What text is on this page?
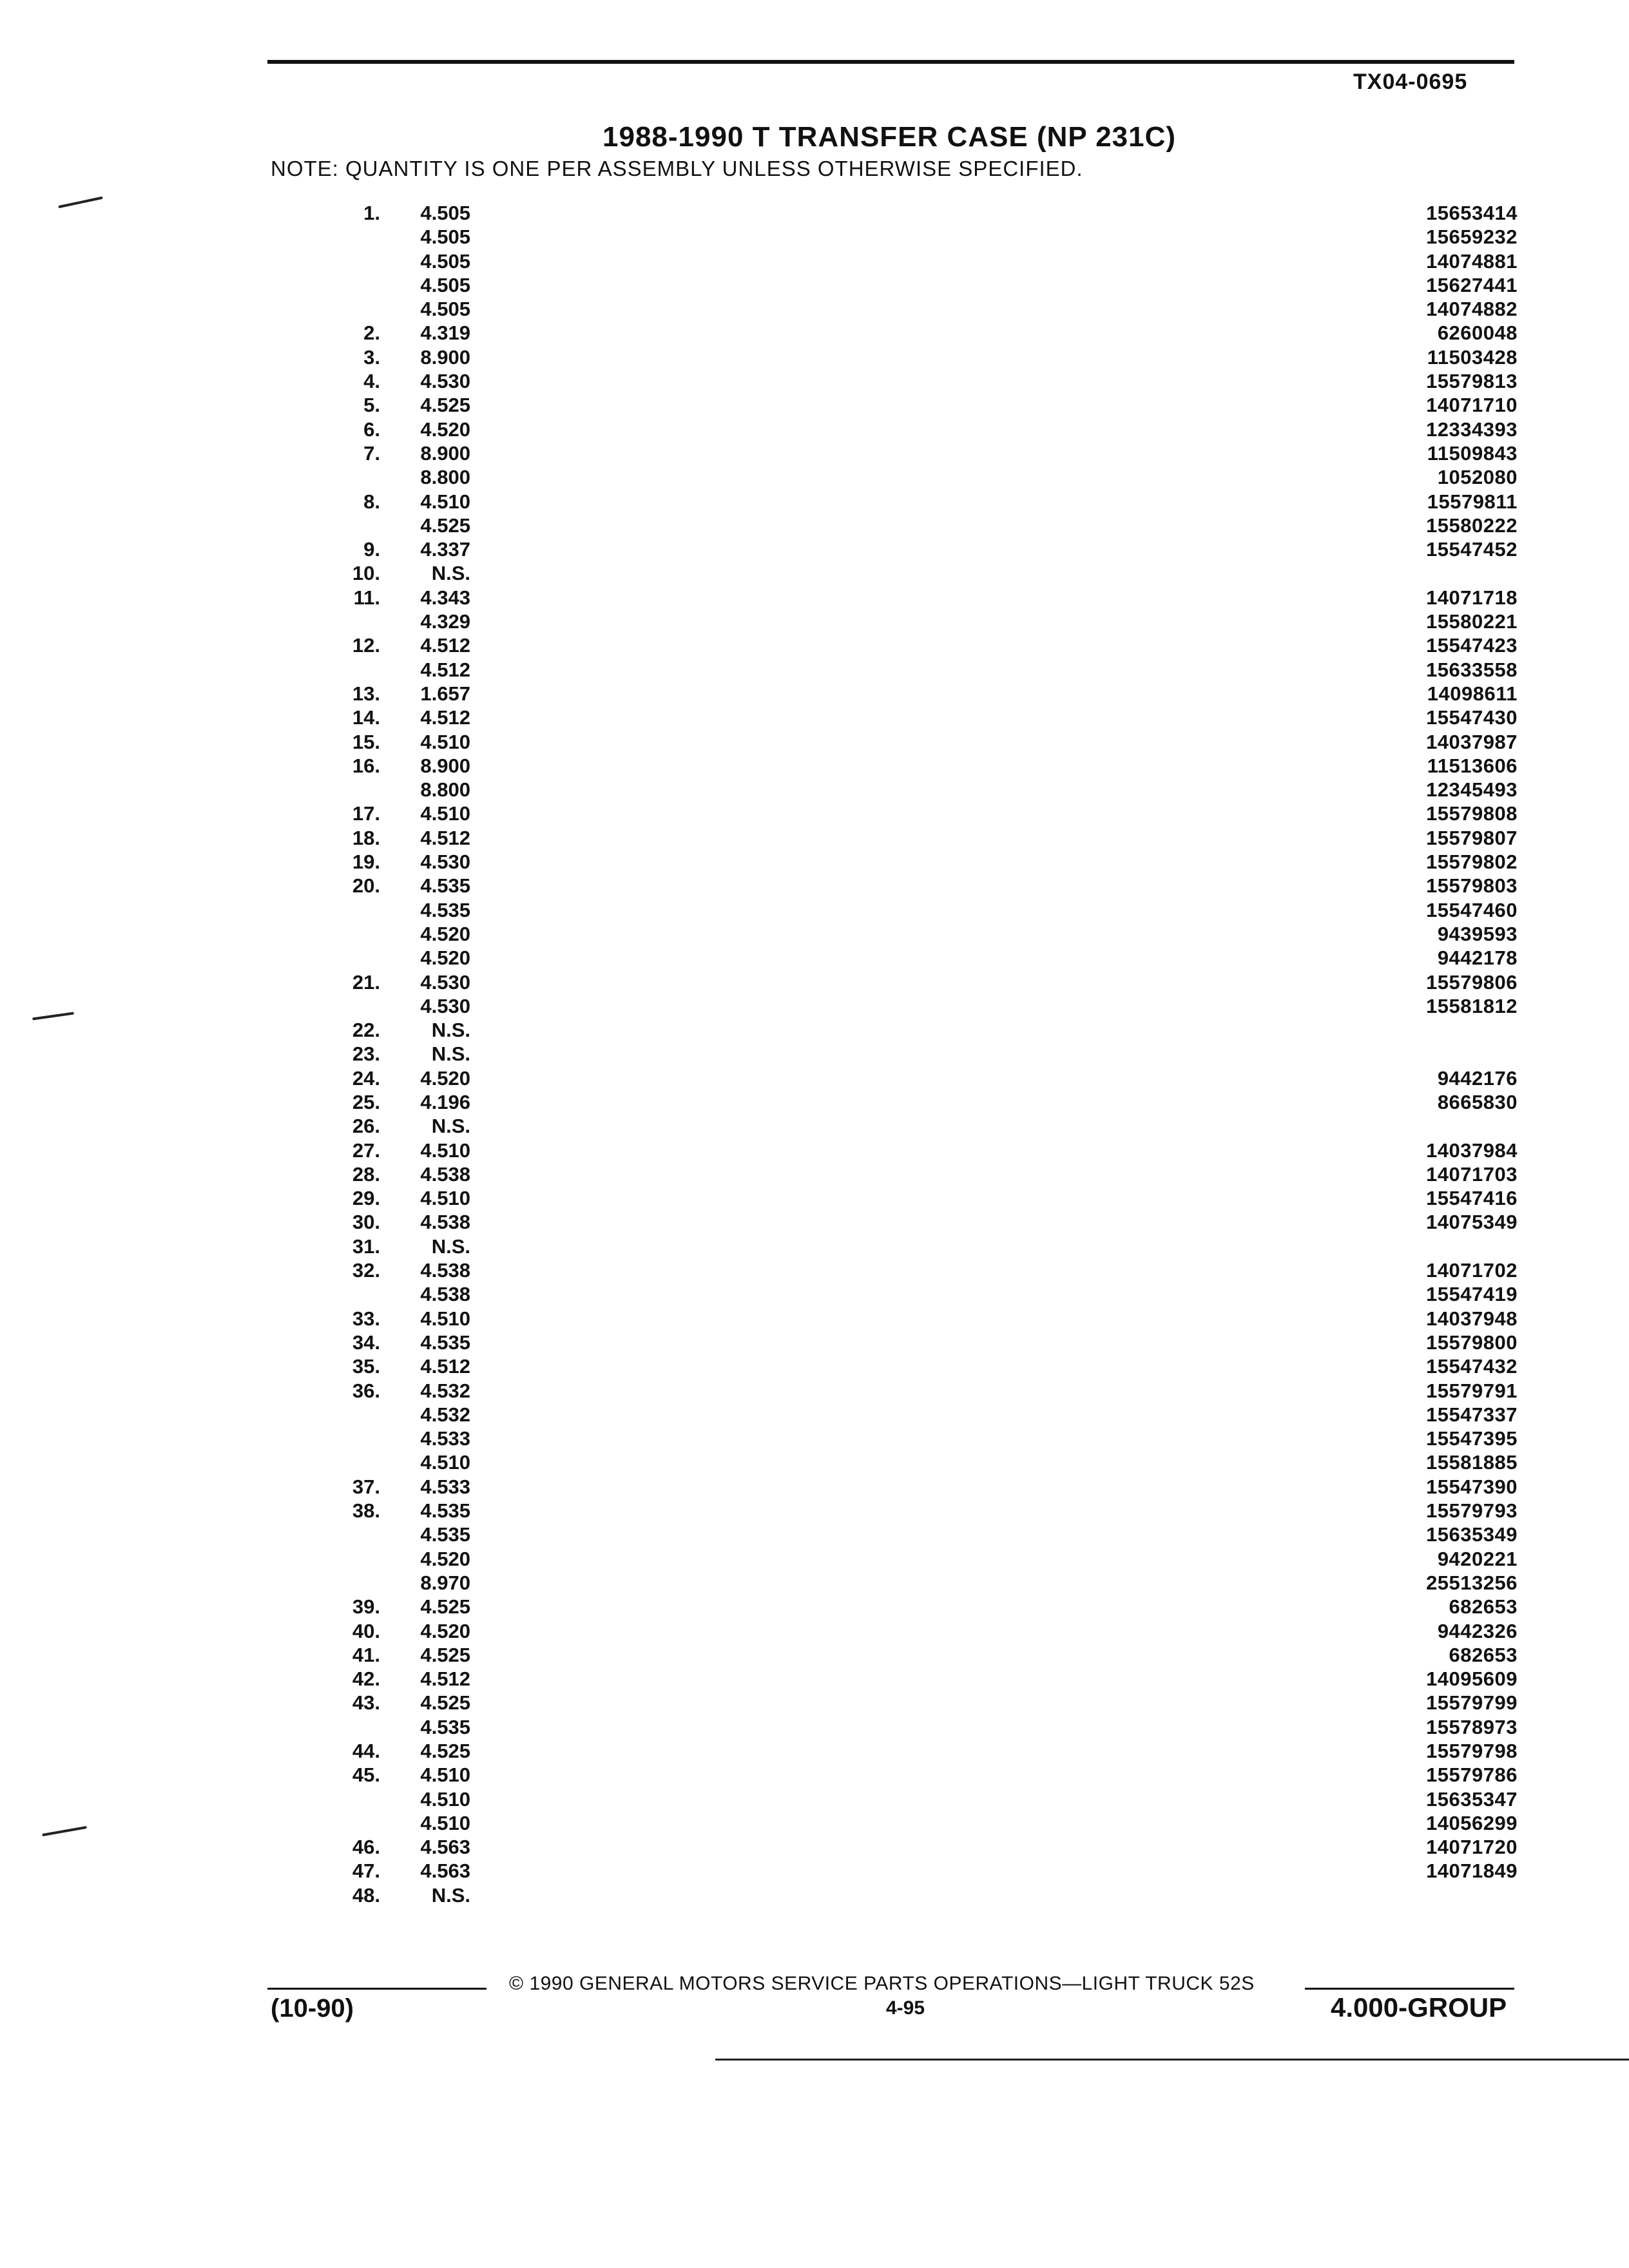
TX04-0695
1988-1990 T TRANSFER CASE (NP 231C)
NOTE: QUANTITY IS ONE PER ASSEMBLY UNLESS OTHERWISE SPECIFIED.
1.	4.505	15653414
4.505	15659232
4.505	14074881
4.505	15627441
4.505	14074882
2.	4.319	6260048
3.	8.900	11503428
4.	4.530	15579813
5.	4.525	14071710
6.	4.520	12334393
7.	8.900	11509843
8.800	1052080
8.	4.510	15579811
4.525	15580222
9.	4.337	15547452
10.	N.S.
11.	4.343	14071718
4.329	15580221
12.	4.512	15547423
4.512	15633558
13.	1.657	14098611
14.	4.512	15547430
15.	4.510	14037987
16.	8.900	11513606
8.800	12345493
17.	4.510	15579808
18.	4.512	15579807
19.	4.530	15579802
20.	4.535	15579803
4.535	15547460
4.520	9439593
4.520	9442178
21.	4.530	15579806
4.530	15581812
22.	N.S.
23.	N.S.
24.	4.520	9442176
25.	4.196	8665830
26.	N.S.
27.	4.510	14037984
28.	4.538	14071703
29.	4.510	15547416
30.	4.538	14075349
31.	N.S.
32.	4.538	14071702
4.538	15547419
33.	4.510	14037948
34.	4.535	15579800
35.	4.512	15547432
36.	4.532	15579791
4.532	15547337
4.533	15547395
4.510	15581885
37.	4.533	15547390
38.	4.535	15579793
4.535	15635349
4.520	9420221
8.970	25513256
39.	4.525	682653
40.	4.520	9442326
41.	4.525	682653
42.	4.512	14095609
43.	4.525	15579799
4.535	15578973
44.	4.525	15579798
45.	4.510	15579786
4.510	15635347
4.510	14056299
46.	4.563	14071720
47.	4.563	14071849
48.	N.S.
© 1990 GENERAL MOTORS SERVICE PARTS OPERATIONS—LIGHT TRUCK 52S
(10-90)	4-95	4.000-GROUP
